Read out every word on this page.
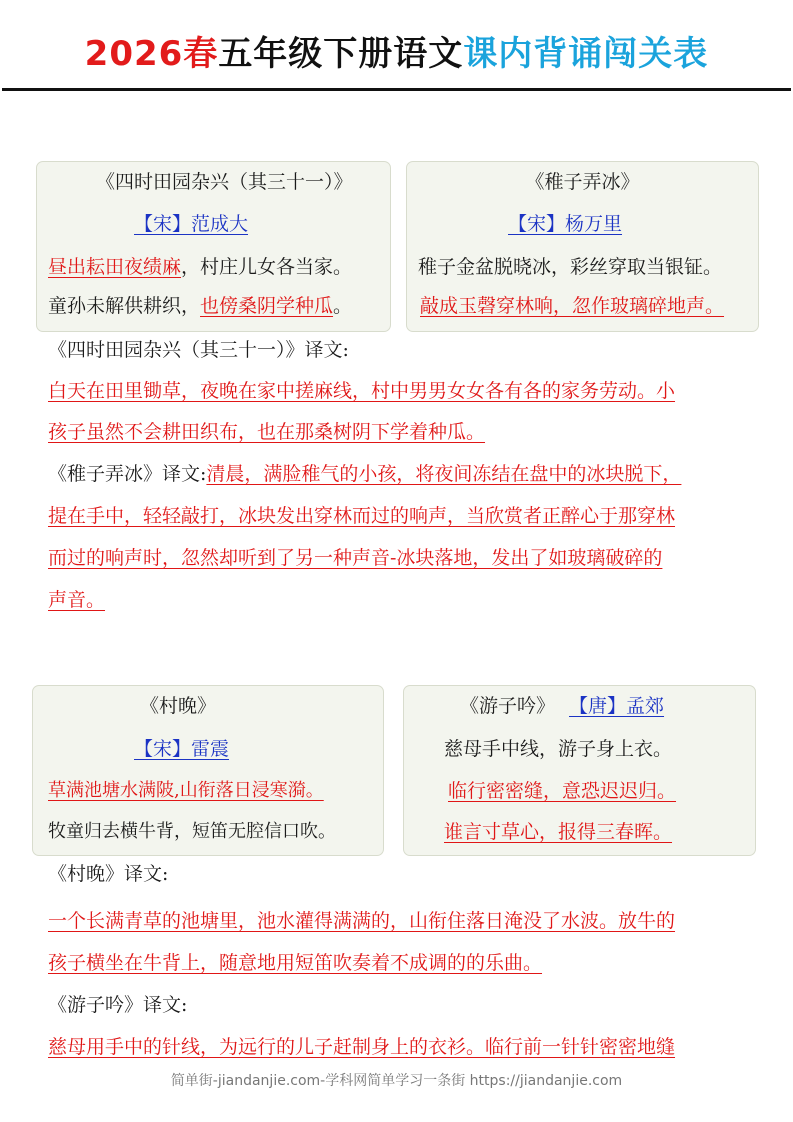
2026春五年级下册语文课内背诵闯关表
《四时田园杂兴（其三十一）》
【宋】范成大
昼出耘田夜绩麻，村庄儿女各当家。
童孙未解供耕织，也傍桑阴学种瓜。
《稚子弄冰》
【宋】杨万里
稚子金盆脱晓冰，彩丝穿取当银钲。
敲成玉磬穿林响，忽作玻璃碎地声。
《四时田园杂兴（其三十一）》译文:
白天在田里锄草，夜晚在家中搓麻线，村中男男女女各有各的家务劳动。小
孩子虽然不会耕田织布，也在那桑树阴下学着种瓜。
《稚子弄冰》译文:清晨，满脸稚气的小孩，将夜间冻结在盘中的冰块脱下，
提在手中，轻轻敲打，冰块发出穿林而过的响声，当欣赏者正醉心于那穿林
而过的响声时，忽然却听到了另一种声音-冰块落地，发出了如玻璃破碎的
声音。
《村晚》
【宋】雷震
草满池塘水满陂,山衔落日浸寒漪。
牧童归去横牛背，短笛无腔信口吹。
《游子吟》 【唐】孟郊
慈母手中线，游子身上衣。
临行密密缝，意恐迟迟归。
谁言寸草心，报得三春晖。
《村晚》译文:
一个长满青草的池塘里，池水灌得满满的，山衔住落日淹没了水波。放牛的
孩子横坐在牛背上，随意地用短笛吹奏着不成调的的乐曲。
《游子吟》译文:
慈母用手中的针线，为远行的儿子赶制身上的衣衫。临行前一针针密密地缝
简单街-jiandanjie.com-学科网简单学习一条街 https://jiandanjie.com
